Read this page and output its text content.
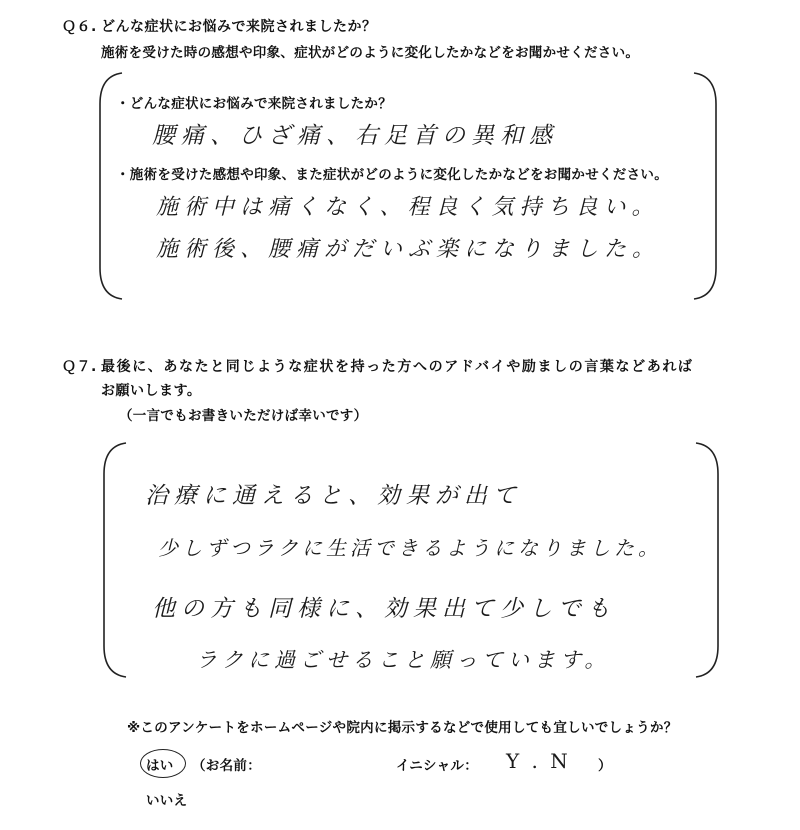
Ｑ６. どんな症状にお悩みで来院されましたか？
施術を受けた時の感想や印象、症状がどのように変化したかなどをお聞かせください。
・どんな症状にお悩みで来院されましたか？
腰痛、ひざ痛、右足首の異和感
・施術を受けた感想や印象、また症状がどのように変化したかなどをお聞かせください。
施術中は痛くなく、程良く気持ち良い。
施術後、腰痛がだいぶ楽になりました。
Ｑ７. 最後に、あなたと同じような症状を持った方へのアドバイや励ましの言葉などあれば
お願いします。
（一言でもお書きいただけば幸いです）
治療に通えると、効果が出て
少しずつラクに生活できるようになりました。
他の方も同様に、効果出て少しでも
ラクに過ごせること願っています。
※このアンケートをホームページや院内に掲示するなどで使用しても宜しいでしょうか？
はい （お名前：	イニシャル： Y . N ）
いいえ
